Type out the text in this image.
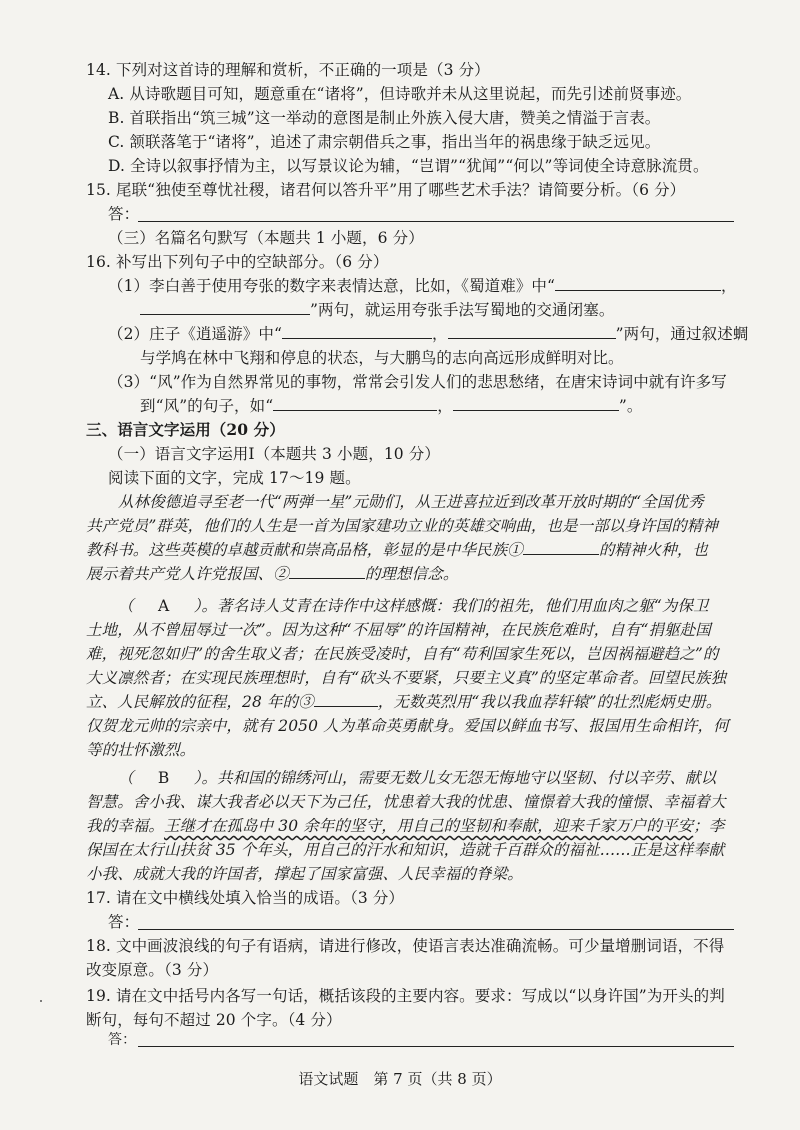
14. 下列对这首诗的理解和赏析，不正确的一项是（3 分）
A. 从诗歌题目可知，题意重在“诸将”，但诗歌并未从这里说起，而先引述前贤事迹。
B. 首联指出“筑三城”这一举动的意图是制止外族入侵大唐，赞美之情溢于言表。
C. 颔联落笔于“诸将”，追述了肃宗朝借兵之事，指出当年的祸患缘于缺乏远见。
D. 全诗以叙事抒情为主，以写景议论为辅，“岂谓”“犹闻”“何以”等词使全诗意脉流贯。
15. 尾联“独使至尊忧社稷，诸君何以答升平”用了哪些艺术手法？请简要分析。（6 分）
答：
（三）名篇名句默写（本题共 1 小题，6 分）
16. 补写出下列句子中的空缺部分。（6 分）
（1）李白善于使用夸张的数字来表情达意，比如，《蜀道难》中“	，
”两句，就运用夸张手法写蜀地的交通闭塞。
（2）庄子《逍遥游》中“	，	”两句，通过叙述蜩
与学鸠在林中飞翔和停息的状态，与大鹏鸟的志向高远形成鲜明对比。
（3）“风”作为自然界常见的事物，常常会引发人们的悲思愁绪，在唐宋诗词中就有许多写
到“风”的句子，如“	，	”。
三、语言文字运用（20 分）
（一）语言文字运用Ⅰ（本题共 3 小题，10 分）
阅读下面的文字，完成 17～19 题。
从林俊德追寻至老一代“两弹一星”元勋们，从王进喜拉近到改革开放时期的“全国优秀
共产党员”群英，他们的人生是一首为国家建功立业的英雄交响曲，也是一部以身许国的精神
教科书。这些英模的卓越贡献和崇高品格，彰显的是中华民族①	的精神火种，也
展示着共产党人许党报国、②	的理想信念。
（ A ）。著名诗人艾青在诗作中这样感慨：我们的祖先，他们用血肉之躯“为保卫
土地，从不曾屈辱过一次”。因为这种“不屈辱”的许国精神，在民族危难时，自有“捐躯赴国
难，视死忽如归”的舍生取义者；在民族受凌时，自有“苟利国家生死以，岂因祸福避趋之”的
大义凛然者；在实现民族理想时，自有“砍头不要紧，只要主义真”的坚定革命者。回望民族独
立、人民解放的征程，28 年的③	，无数英烈用“我以我血荐轩辕”的壮烈彪炳史册。
仅贺龙元帅的宗亲中，就有 2050 人为革命英勇献身。爱国以鲜血书写、报国用生命相许，何
等的壮怀激烈。
（ B ）。共和国的锦绣河山，需要无数儿女无怨无悔地守以坚韧、付以辛劳、献以
智慧。舍小我、谋大我者必以天下为己任，忧患着大我的忧患、憧憬着大我的憧憬、幸福着大
我的幸福。王继才在孤岛中 30 余年的坚守，用自己的坚韧和奉献，迎来千家万户的平安；李
保国在太行山扶贫 35 个年头，用自己的汗水和知识，造就千百群众的福祉……正是这样奉献
小我、成就大我的许国者，撑起了国家富强、人民幸福的脊梁。
17. 请在文中横线处填入恰当的成语。（3 分）
答：
18. 文中画波浪线的句子有语病，请进行修改，使语言表达准确流畅。可少量增删词语，不得
改变原意。（3 分）
19. 请在文中括号内各写一句话，概括该段的主要内容。要求：写成以“以身许国”为开头的判
断句，每句不超过 20 个字。（4 分）
答：
语文试题　第 7 页（共 8 页）
